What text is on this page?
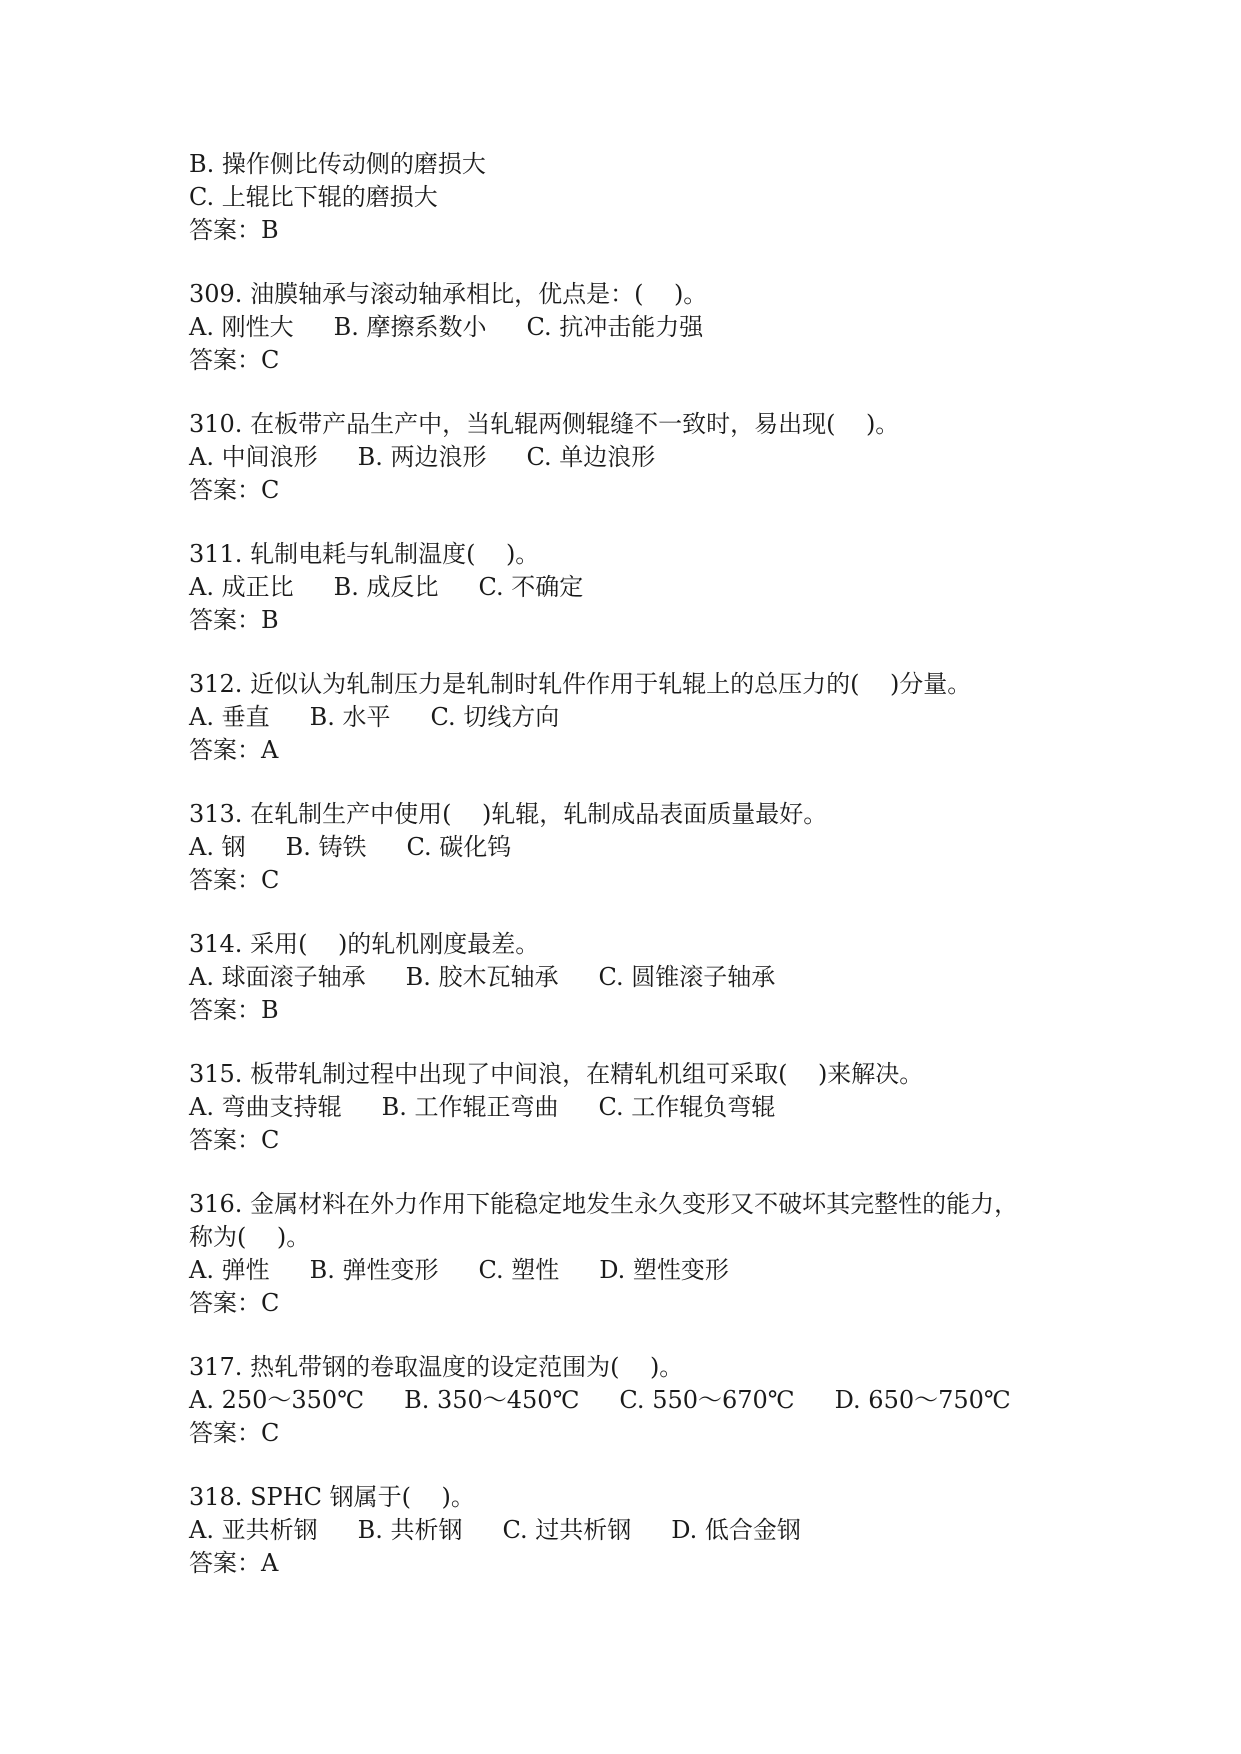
B. 操作侧比传动侧的磨损大
C. 上辊比下辊的磨损大
答案：B
309. 油膜轴承与滚动轴承相比，优点是：(    )。
A. 刚性大 B. 摩擦系数小 C. 抗冲击能力强
答案：C
310. 在板带产品生产中，当轧辊两侧辊缝不一致时，易出现(    )。
A. 中间浪形 B. 两边浪形 C. 单边浪形
答案：C
311. 轧制电耗与轧制温度(    )。
A. 成正比 B. 成反比 C. 不确定
答案：B
312. 近似认为轧制压力是轧制时轧件作用于轧辊上的总压力的(    )分量。
A. 垂直 B. 水平 C. 切线方向
答案：A
313. 在轧制生产中使用(    )轧辊，轧制成品表面质量最好。
A. 钢 B. 铸铁 C. 碳化钨
答案：C
314. 采用(    )的轧机刚度最差。
A. 球面滚子轴承 B. 胶木瓦轴承 C. 圆锥滚子轴承
答案：B
315. 板带轧制过程中出现了中间浪，在精轧机组可采取(    )来解决。
A. 弯曲支持辊 B. 工作辊正弯曲 C. 工作辊负弯辊
答案：C
316. 金属材料在外力作用下能稳定地发生永久变形又不破坏其完整性的能力，
称为(    )。
A. 弹性 B. 弹性变形 C. 塑性 D. 塑性变形
答案：C
317. 热轧带钢的卷取温度的设定范围为(    )。
A. 250～350℃ B. 350～450℃ C. 550～670℃ D. 650～750℃
答案：C
318. SPHC 钢属于(    )。
A. 亚共析钢 B. 共析钢 C. 过共析钢 D. 低合金钢
答案：A
